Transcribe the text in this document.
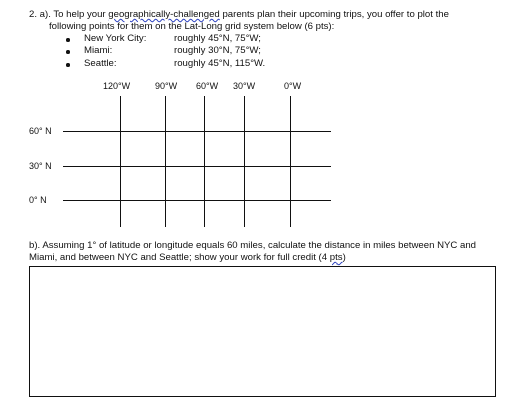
2. a). To help your geographically-challenged parents plan their upcoming trips, you offer to plot the
following points for them on the Lat-Long grid system below (6 pts):
New York City:	roughly 45°N, 75°W;
Miami:	roughly 30°N, 75°W;
Seattle:	roughly 45°N, 115°W.
120°W	90°W 60°W 30°W	0°W
60° N
30° N
0° N
b). Assuming 1° of latitude or longitude equals 60 miles, calculate the distance in miles between NYC and
Miami, and between NYC and Seattle; show your work for full credit (4 pts)
